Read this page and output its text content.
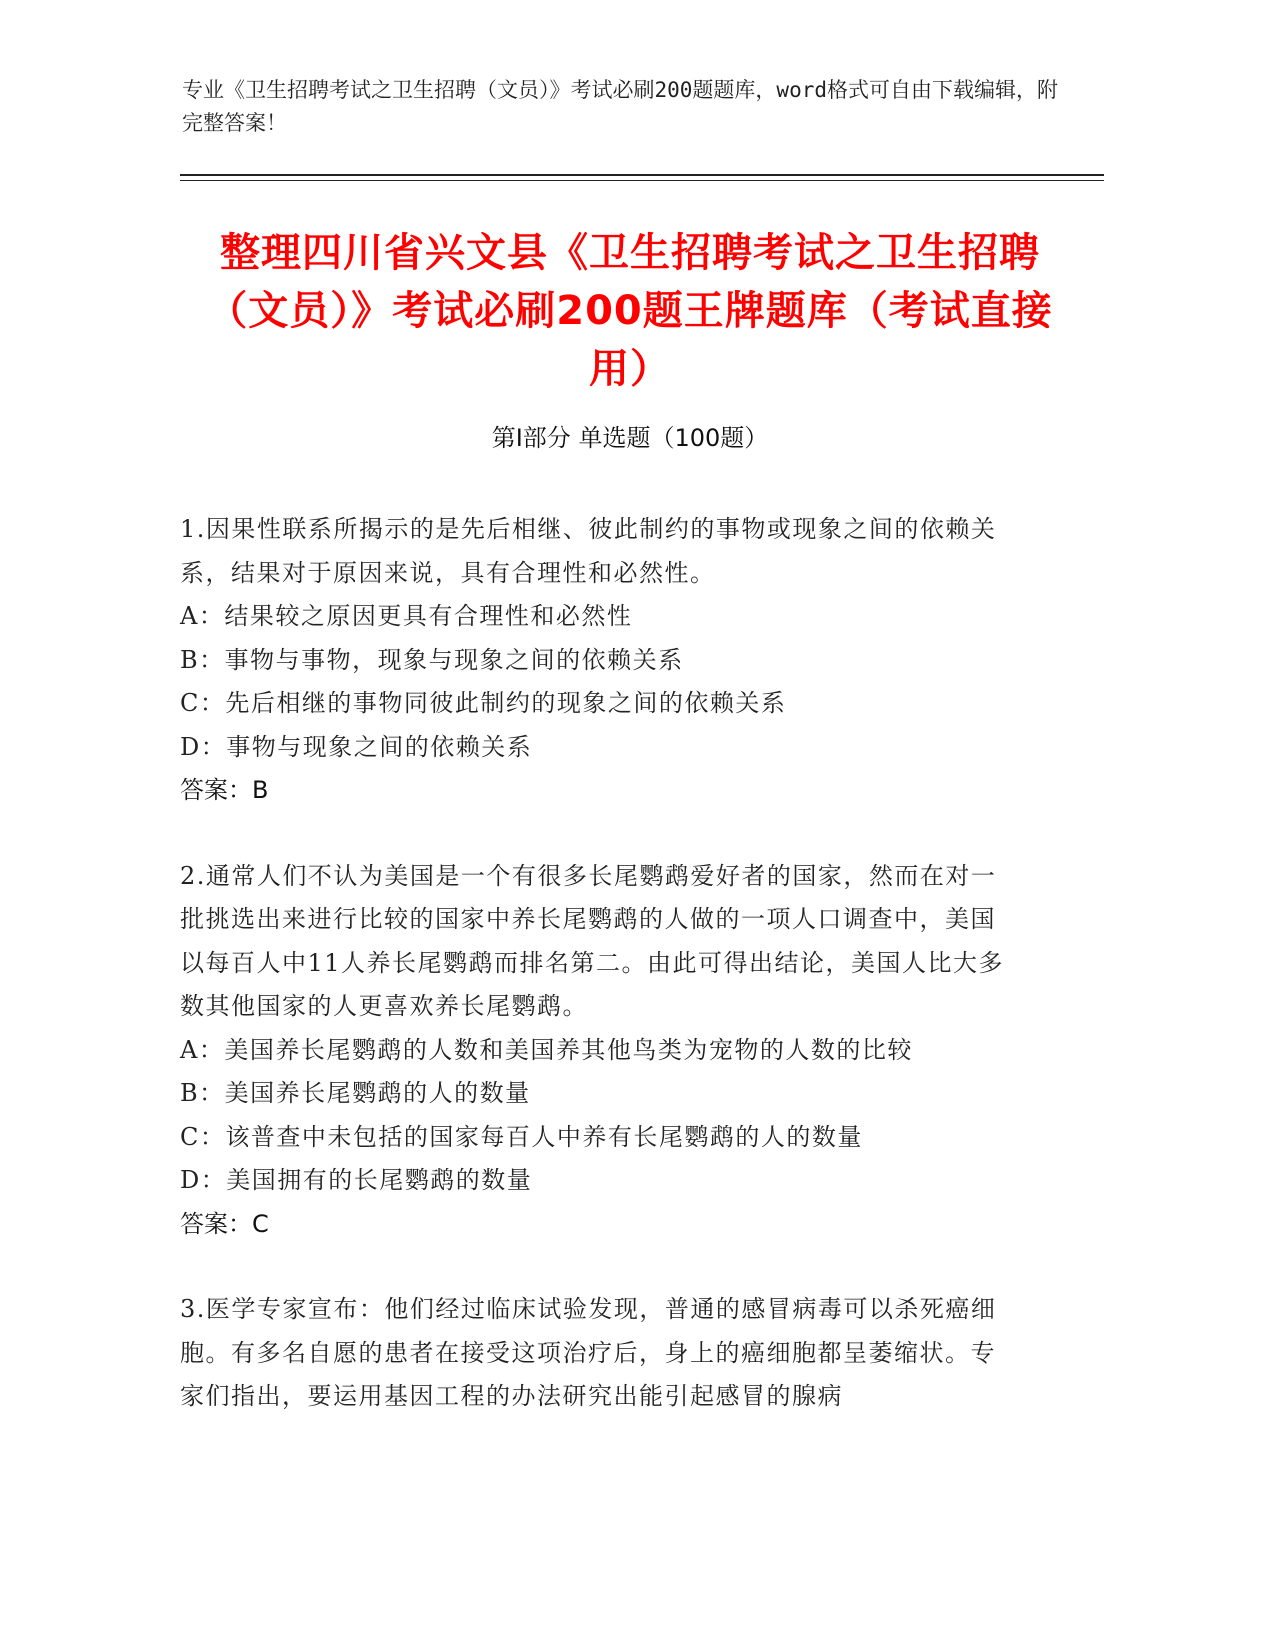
专业《卫生招聘考试之卫生招聘（文员）》考试必刷200题题库，word格式可自由下载编辑，附完整答案！
整理四川省兴文县《卫生招聘考试之卫生招聘（文员）》考试必刷200题王牌题库（考试直接用）
第I部分 单选题（100题）
1.因果性联系所揭示的是先后相继、彼此制约的事物或现象之间的依赖关系，结果对于原因来说，具有合理性和必然性。
A：结果较之原因更具有合理性和必然性
B：事物与事物，现象与现象之间的依赖关系
C：先后相继的事物同彼此制约的现象之间的依赖关系
D：事物与现象之间的依赖关系
答案：B
2.通常人们不认为美国是一个有很多长尾鹦鹉爱好者的国家，然而在对一批挑选出来进行比较的国家中养长尾鹦鹉的人做的一项人口调查中，美国以每百人中11人养长尾鹦鹉而排名第二。由此可得出结论，美国人比大多数其他国家的人更喜欢养长尾鹦鹉。
A：美国养长尾鹦鹉的人数和美国养其他鸟类为宠物的人数的比较
B：美国养长尾鹦鹉的人的数量
C：该普查中未包括的国家每百人中养有长尾鹦鹉的人的数量
D：美国拥有的长尾鹦鹉的数量
答案：C
3.医学专家宣布：他们经过临床试验发现，普通的感冒病毒可以杀死癌细胞。有多名自愿的患者在接受这项治疗后，身上的癌细胞都呈萎缩状。专家们指出，要运用基因工程的办法研究出能引起感冒的腺病
